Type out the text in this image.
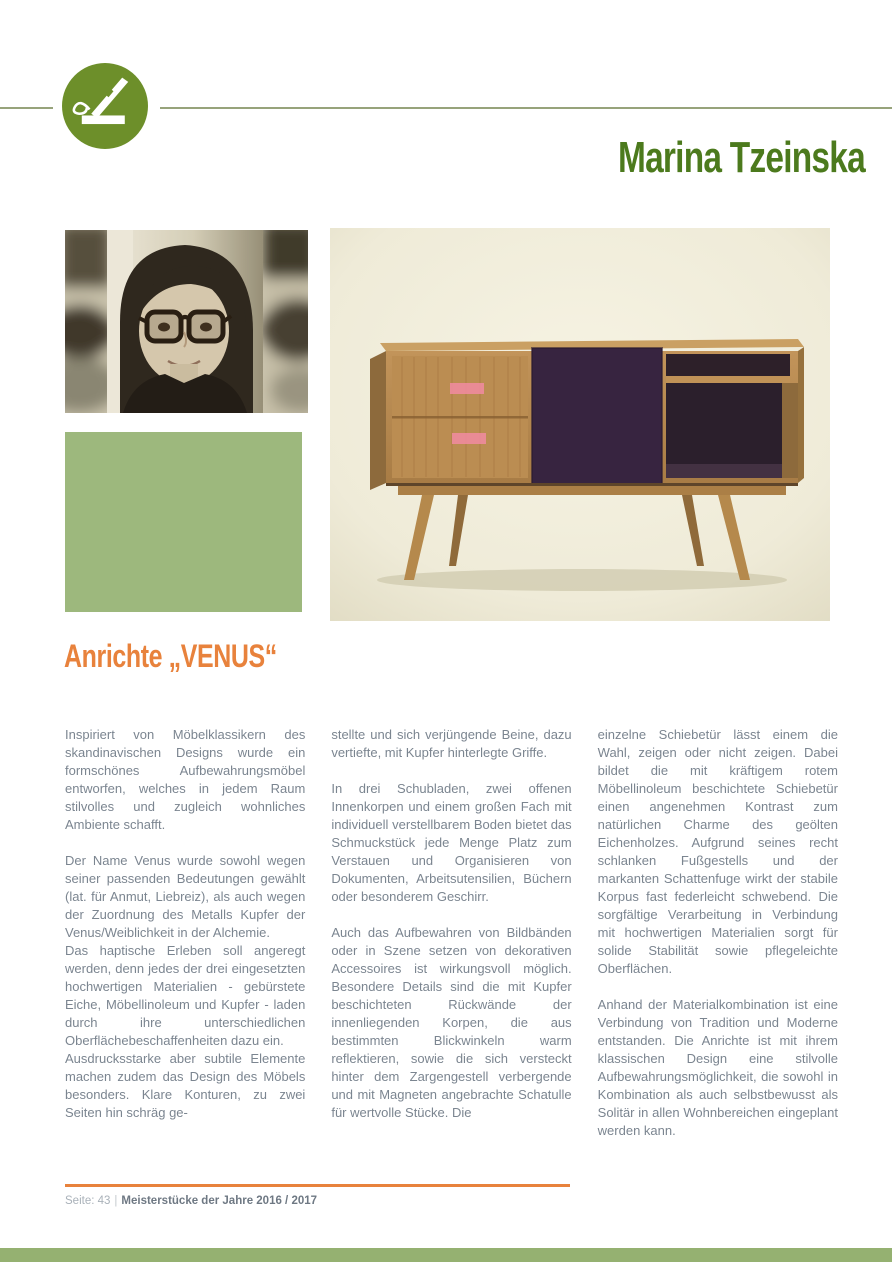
Marina Tzeinska
Anrichte „VENUS“

Inspiriert von Möbelklassikern des skandinavischen Designs wurde ein formschönes Aufbewahrungsmöbel entworfen, welches in jedem Raum stilvolles und zugleich wohnliches Ambiente schafft.

Der Name Venus wurde sowohl wegen seiner passenden Bedeutungen gewählt (lat. für Anmut, Liebreiz), als auch wegen der Zuordnung des Metalls Kupfer der Venus/Weiblichkeit in der Alchemie.

Das haptische Erleben soll angeregt werden, denn jedes der drei eingesetzten hochwertigen Materialien - gebürstete Eiche, Möbellinoleum und Kupfer - laden durch ihre unterschiedlichen Oberflächebeschaffenheiten dazu ein.

Ausdrucksstarke aber subtile Elemente machen zudem das Design des Möbels besonders. Klare Konturen, zu zwei Seiten hin schräg ge-

stellte und sich verjüngende Beine, dazu vertiefte, mit Kupfer hinterlegte Griffe.

In drei Schubladen, zwei offenen Innenkorpen und einem großen Fach mit individuell verstellbarem Boden bietet das Schmuckstück jede Menge Platz zum Verstauen und Organisieren von Dokumenten, Arbeitsutensilien, Büchern oder besonderem Geschirr.

Auch das Aufbewahren von Bildbänden oder in Szene setzen von dekorativen Accessoires ist wirkungsvoll möglich. Besondere Details sind die mit Kupfer beschichteten Rückwände der innenliegenden Korpen, die aus bestimmten Blickwinkeln warm reflektieren, sowie die sich versteckt hinter dem Zargengestell verbergende und mit Magneten angebrachte Schatulle für wertvolle Stücke. Die

einzelne Schiebetür lässt einem die Wahl, zeigen oder nicht zeigen. Dabei bildet die mit kräftigem rotem Möbellinoleum beschichtete Schiebetür einen angenehmen Kontrast zum natürlichen Charme des geölten Eichenholzes. Aufgrund seines recht schlanken Fußgestells und der markanten Schattenfuge wirkt der stabile Korpus fast federleicht schwebend. Die sorgfältige Verarbeitung in Verbindung mit hochwertigen Materialien sorgt für solide Stabilität sowie pflegeleichte Oberflächen.

Anhand der Materialkombination ist eine Verbindung von Tradition und Moderne entstanden. Die Anrichte ist mit ihrem klassischen Design eine stilvolle Aufbewahrungsmöglichkeit, die sowohl in Kombination als auch selbstbewusst als Solitär in allen Wohnbereichen eingeplant werden kann.

Seite: 43 | Meisterstücke der Jahre 2016 / 2017
